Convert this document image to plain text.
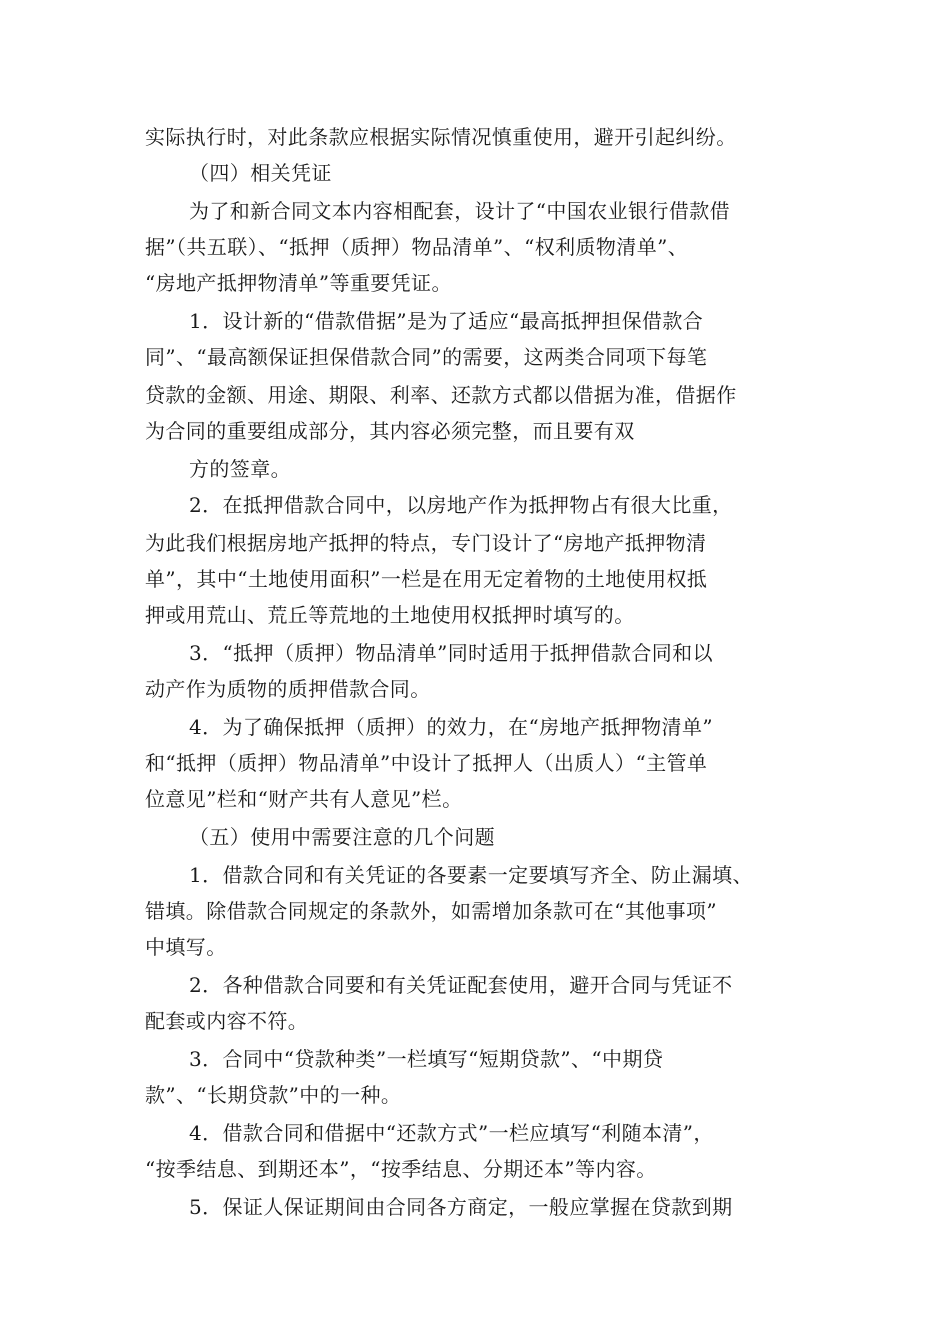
实际执行时，对此条款应根据实际情况慎重使用，避开引起纠纷。
（四）相关凭证
为了和新合同文本内容相配套，设计了“中国农业银行借款借
据”（共五联）、“抵押（质押）物品清单”、“权利质物清单”、
“房地产抵押物清单”等重要凭证。
1．设计新的“借款借据”是为了适应“最高抵押担保借款合
同”、“最高额保证担保借款合同”的需要，这两类合同项下每笔
贷款的金额、用途、期限、利率、还款方式都以借据为准，借据作
为合同的重要组成部分，其内容必须完整，而且要有双
方的签章。
2．在抵押借款合同中，以房地产作为抵押物占有很大比重，
为此我们根据房地产抵押的特点，专门设计了“房地产抵押物清
单”，其中“土地使用面积”一栏是在用无定着物的土地使用权抵
押或用荒山、荒丘等荒地的土地使用权抵押时填写的。
3．“抵押（质押）物品清单”同时适用于抵押借款合同和以
动产作为质物的质押借款合同。
4．为了确保抵押（质押）的效力，在“房地产抵押物清单”
和“抵押（质押）物品清单”中设计了抵押人（出质人）“主管单
位意见”栏和“财产共有人意见”栏。
（五）使用中需要注意的几个问题
1．借款合同和有关凭证的各要素一定要填写齐全、防止漏填、
错填。除借款合同规定的条款外，如需增加条款可在“其他事项”
中填写。
2．各种借款合同要和有关凭证配套使用，避开合同与凭证不
配套或内容不符。
3．合同中“贷款种类”一栏填写“短期贷款”、“中期贷
款”、“长期贷款”中的一种。
4．借款合同和借据中“还款方式”一栏应填写“利随本清”，
“按季结息、到期还本”，“按季结息、分期还本”等内容。
5．保证人保证期间由合同各方商定，一般应掌握在贷款到期
